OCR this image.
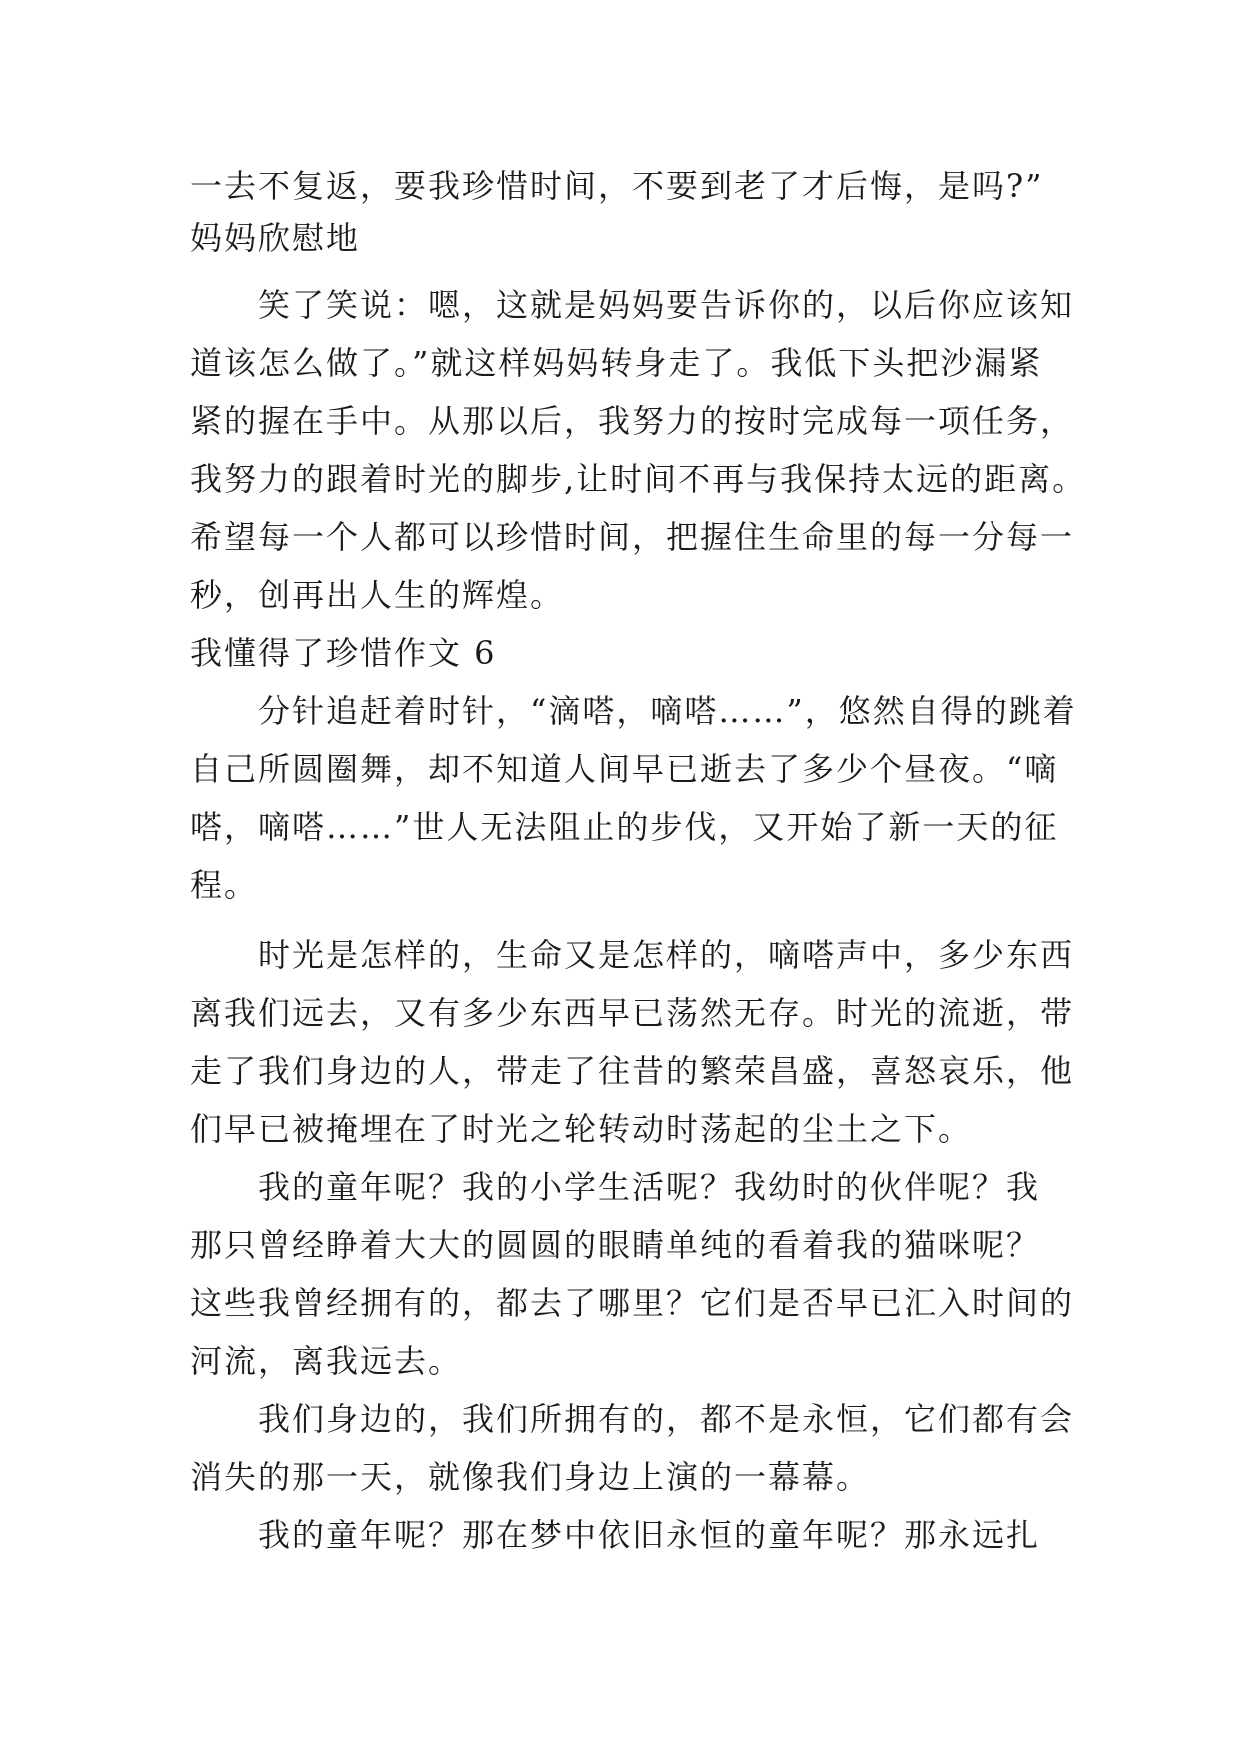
一去不复返，要我珍惜时间，不要到老了才后悔，是吗?”
妈妈欣慰地
笑了笑说：嗯，这就是妈妈要告诉你的，以后你应该知
道该怎么做了。”就这样妈妈转身走了。我低下头把沙漏紧
紧的握在手中。从那以后，我努力的按时完成每一项任务，
我努力的跟着时光的脚步,让时间不再与我保持太远的距离。
希望每一个人都可以珍惜时间，把握住生命里的每一分每一
秒，创再出人生的辉煌。
我懂得了珍惜作文 6
分针追赶着时针，“滴嗒，嘀嗒……”，悠然自得的跳着
自己所圆圈舞，却不知道人间早已逝去了多少个昼夜。“嘀
嗒，嘀嗒……”世人无法阻止的步伐，又开始了新一天的征
程。
时光是怎样的，生命又是怎样的，嘀嗒声中，多少东西
离我们远去，又有多少东西早已荡然无存。时光的流逝，带
走了我们身边的人，带走了往昔的繁荣昌盛，喜怒哀乐，他
们早已被掩埋在了时光之轮转动时荡起的尘土之下。
我的童年呢？我的小学生活呢？我幼时的伙伴呢？我
那只曾经睁着大大的圆圆的眼睛单纯的看着我的猫咪呢？
这些我曾经拥有的，都去了哪里？它们是否早已汇入时间的
河流，离我远去。
我们身边的，我们所拥有的，都不是永恒，它们都有会
消失的那一天，就像我们身边上演的一幕幕。
我的童年呢？那在梦中依旧永恒的童年呢？那永远扎
